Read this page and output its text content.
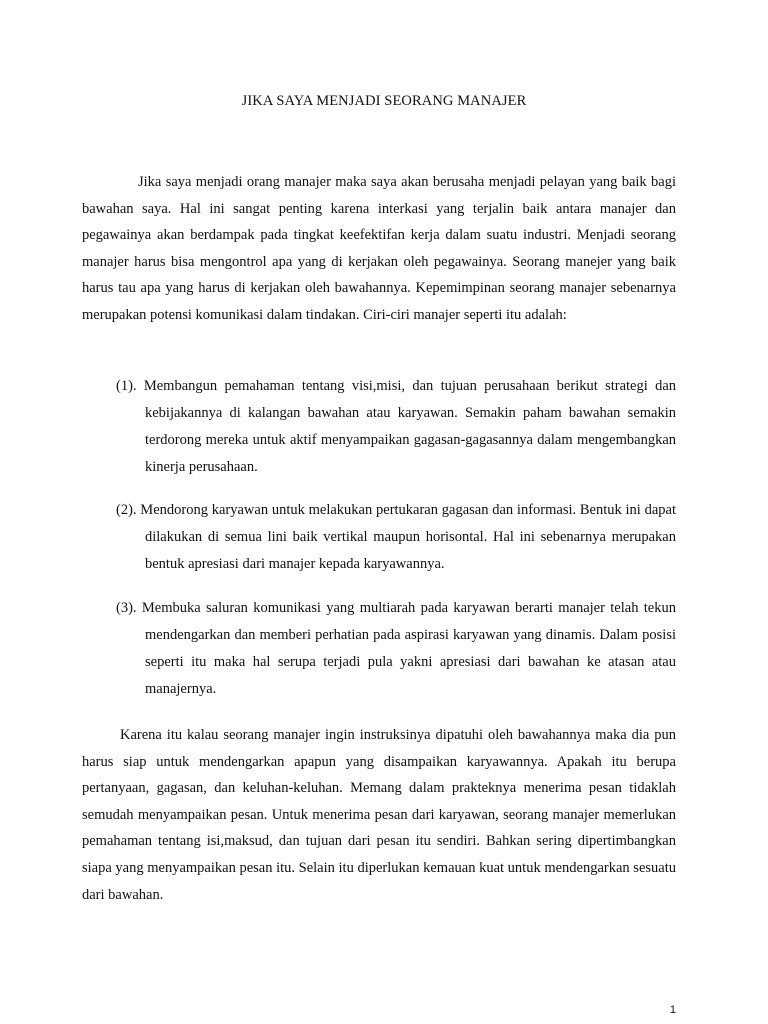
JIKA SAYA MENJADI SEORANG MANAJER

Jika saya menjadi orang manajer maka saya akan berusaha menjadi pelayan yang baik bagi bawahan saya. Hal ini sangat penting karena interkasi yang terjalin baik antara manajer dan pegawainya akan berdampak pada tingkat keefektifan kerja dalam suatu industri. Menjadi seorang manajer harus bisa mengontrol apa yang di kerjakan oleh pegawainya. Seorang manejer yang baik harus tau apa yang harus di kerjakan oleh bawahannya. Kepemimpinan seorang manajer sebenarnya merupakan potensi komunikasi dalam tindakan. Ciri-ciri manajer seperti itu adalah:

(1). Membangun pemahaman tentang visi,misi, dan tujuan perusahaan berikut strategi dan kebijakannya di kalangan bawahan atau karyawan. Semakin paham bawahan semakin terdorong mereka untuk aktif menyampaikan gagasan-gagasannya dalam mengembangkan kinerja perusahaan.

(2). Mendorong karyawan untuk melakukan pertukaran gagasan dan informasi. Bentuk ini dapat dilakukan di semua lini baik vertikal maupun horisontal. Hal ini sebenarnya merupakan bentuk apresiasi dari manajer kepada karyawannya.

(3). Membuka saluran komunikasi yang multiarah pada karyawan berarti manajer telah tekun mendengarkan dan memberi perhatian pada aspirasi karyawan yang dinamis. Dalam posisi seperti itu maka hal serupa terjadi pula yakni apresiasi dari bawahan ke atasan atau manajernya.

Karena itu kalau seorang manajer ingin instruksinya dipatuhi oleh bawahannya maka dia pun harus siap untuk mendengarkan apapun yang disampaikan karyawannya. Apakah itu berupa pertanyaan, gagasan, dan keluhan-keluhan. Memang dalam prakteknya menerima pesan tidaklah semudah menyampaikan pesan. Untuk menerima pesan dari karyawan, seorang manajer memerlukan pemahaman tentang isi,maksud, dan tujuan dari pesan itu sendiri. Bahkan sering dipertimbangkan siapa yang menyampaikan pesan itu. Selain itu diperlukan kemauan kuat untuk mendengarkan sesuatu dari bawahan.

1
